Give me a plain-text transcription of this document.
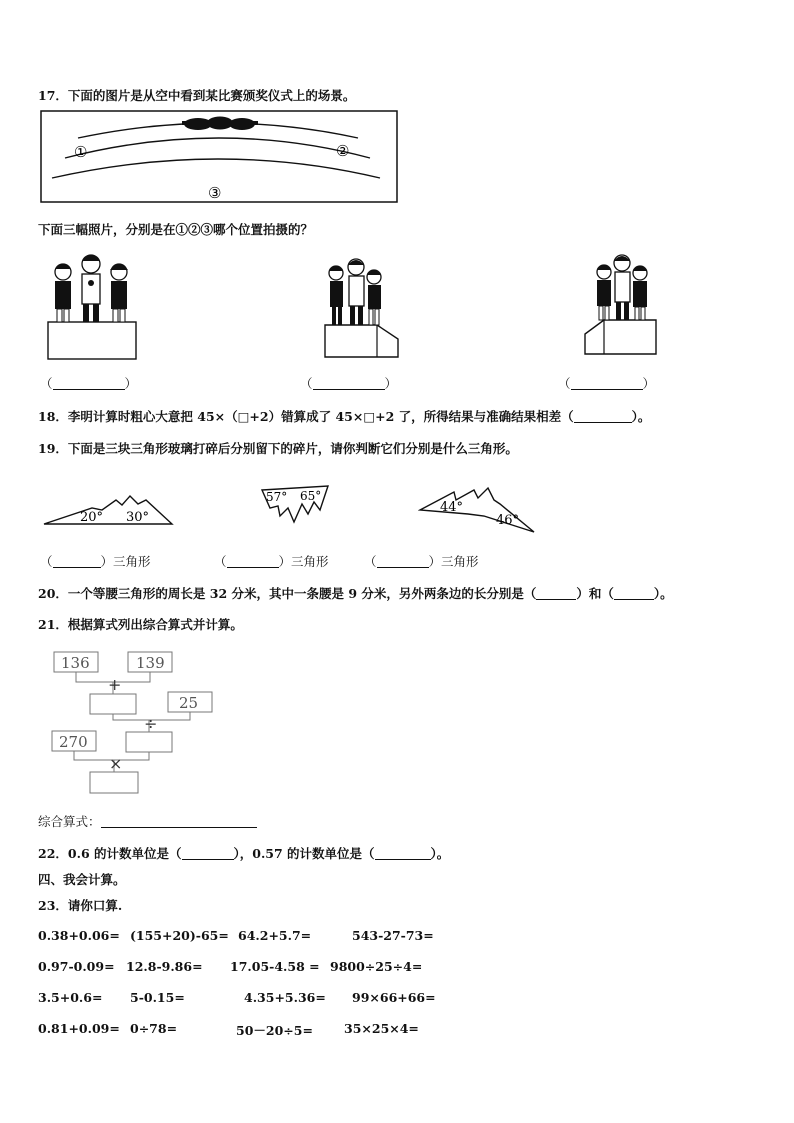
17．下面的图片是从空中看到某比赛颁奖仪式上的场景。
①	②
③
下面三幅照片，分别是在①②③哪个位置拍摄的？
（	）	（	）	（	）
18．李明计算时粗心大意把 45×（□+2）错算成了 45×□+2 了，所得结果与准确结果相差（	）。
19．下面是三块三角形玻璃打碎后分别留下的碎片，请你判断它们分别是什么三角形。
20° 30°
57° 65°
44°
46°
（	）三角形	（	）三角形	（	）三角形
20．一个等腰三角形的周长是 32 分米，其中一条腰是 9 分米，另外两条边的长分别是（	）和（	）。
21．根据算式列出综合算式并计算。
136	139
25
270
+
÷
×
综合算式：
22．0.6 的计数单位是（	），0.57 的计数单位是（	）。
四、我会计算。
23．请你口算.
0.38+0.06= (155+20)-65= 64.2+5.7=	543-27-73=
0.97-0.09= 12.8-9.86= 17.05-4.58 = 9800÷25÷4=
3.5+0.6= 5-0.15=	4.35+5.36= 99×66+66=
0.81+0.09= 0÷78=	50－20÷5= 35×25×4=
